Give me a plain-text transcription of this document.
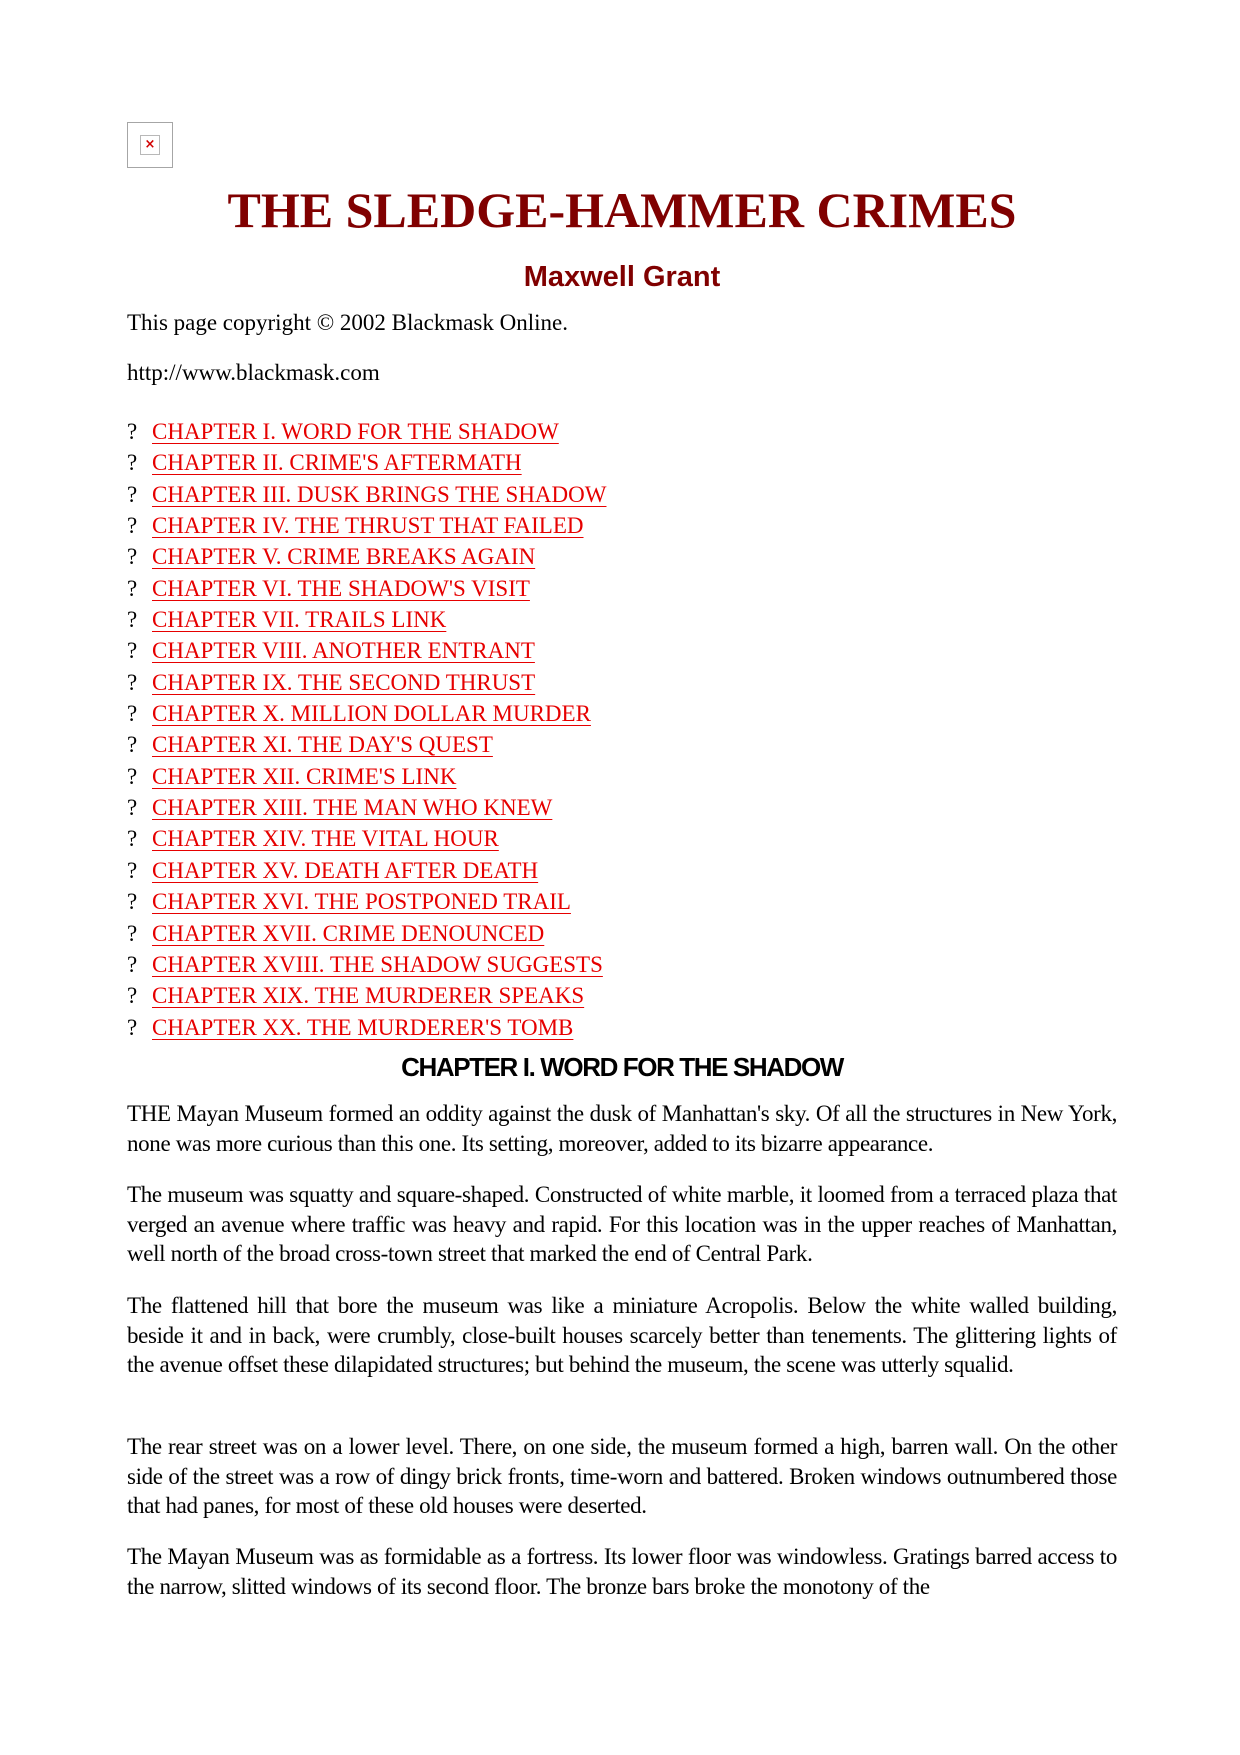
×
THE SLEDGE-HAMMER CRIMES
Maxwell Grant

This page copyright © 2002 Blackmask Online.

http://www.blackmask.com

? CHAPTER I. WORD FOR THE SHADOW
? CHAPTER II. CRIME'S AFTERMATH
? CHAPTER III. DUSK BRINGS THE SHADOW
? CHAPTER IV. THE THRUST THAT FAILED
? CHAPTER V. CRIME BREAKS AGAIN
? CHAPTER VI. THE SHADOW'S VISIT
? CHAPTER VII. TRAILS LINK
? CHAPTER VIII. ANOTHER ENTRANT
? CHAPTER IX. THE SECOND THRUST
? CHAPTER X. MILLION DOLLAR MURDER
? CHAPTER XI. THE DAY'S QUEST
? CHAPTER XII. CRIME'S LINK
? CHAPTER XIII. THE MAN WHO KNEW
? CHAPTER XIV. THE VITAL HOUR
? CHAPTER XV. DEATH AFTER DEATH
? CHAPTER XVI. THE POSTPONED TRAIL
? CHAPTER XVII. CRIME DENOUNCED
? CHAPTER XVIII. THE SHADOW SUGGESTS
? CHAPTER XIX. THE MURDERER SPEAKS
? CHAPTER XX. THE MURDERER'S TOMB
CHAPTER I. WORD FOR THE SHADOW

THE Mayan Museum formed an oddity against the dusk of Manhattan's sky. Of all the structures in New York, none was more curious than this one. Its setting, moreover, added to its bizarre appearance.

The museum was squatty and square-shaped. Constructed of white marble, it loomed from a terraced plaza that verged an avenue where traffic was heavy and rapid. For this location was in the upper reaches of Manhattan, well north of the broad cross-town street that marked the end of Central Park.

The flattened hill that bore the museum was like a miniature Acropolis. Below the white walled building, beside it and in back, were crumbly, close-built houses scarcely better than tenements. The glittering lights of the avenue offset these dilapidated structures; but behind the museum, the scene was utterly squalid.

The rear street was on a lower level. There, on one side, the museum formed a high, barren wall. On the other side of the street was a row of dingy brick fronts, time-worn and battered. Broken windows outnumbered those that had panes, for most of these old houses were deserted.

The Mayan Museum was as formidable as a fortress. Its lower floor was windowless. Gratings barred access to the narrow, slitted windows of its second floor. The bronze bars broke the monotony of the
